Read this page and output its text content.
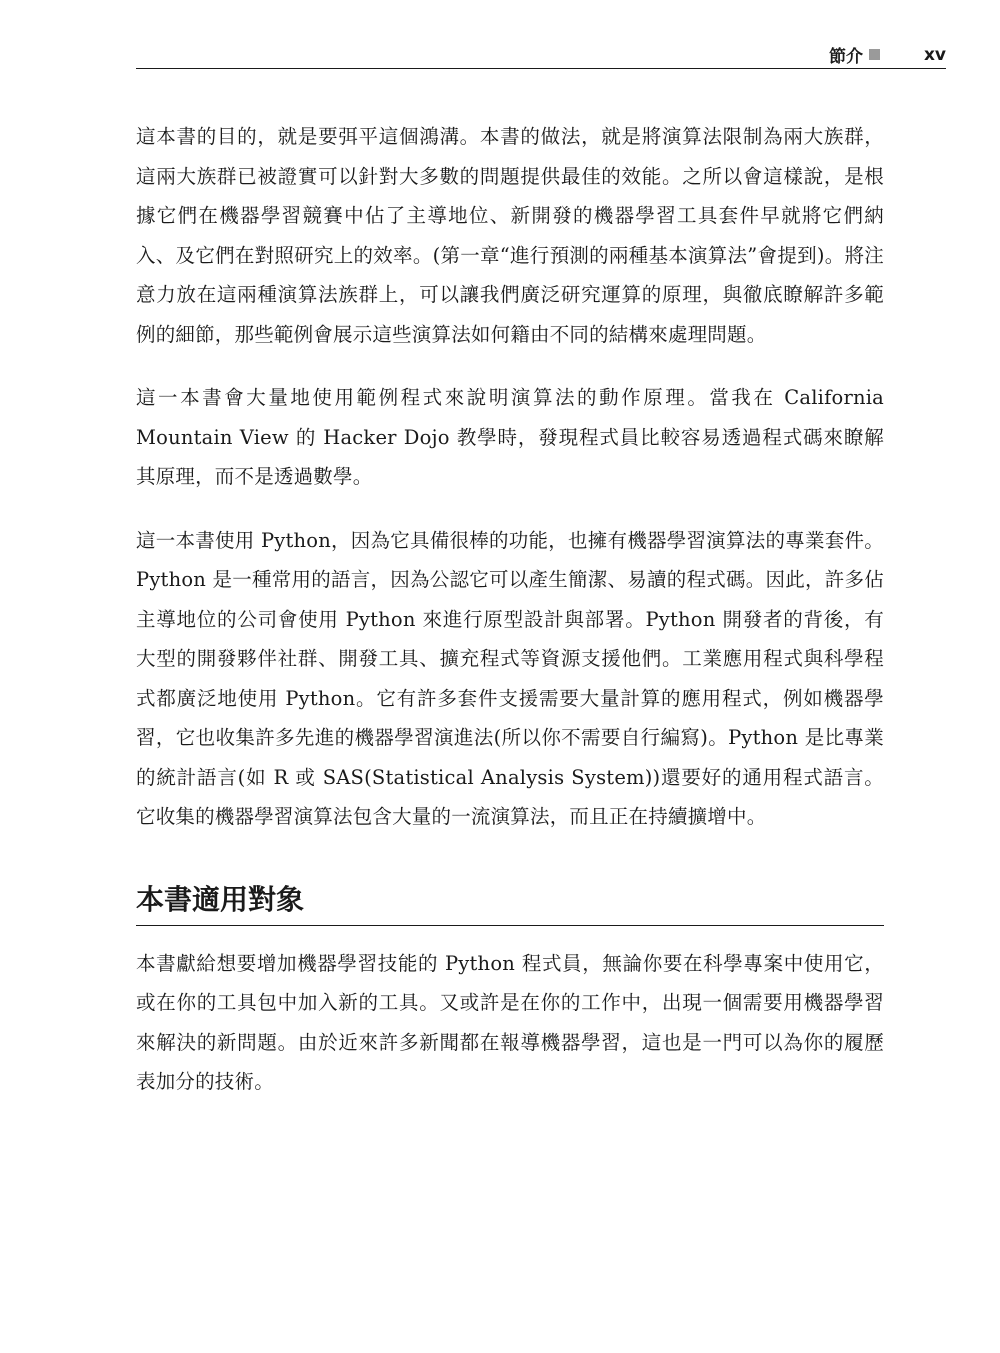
節介	xv

這本書的目的，就是要弭平這個鴻溝。本書的做法，就是將演算法限制為兩大族群，這兩大族群已被證實可以針對大多數的問題提供最佳的效能。之所以會這樣說，是根據它們在機器學習競賽中佔了主導地位、新開發的機器學習工具套件早就將它們納入、及它們在對照研究上的效率。(第一章“進行預測的兩種基本演算法”會提到)。將注意力放在這兩種演算法族群上，可以讓我們廣泛研究運算的原理，與徹底瞭解許多範例的細節，那些範例會展示這些演算法如何籍由不同的結構來處理問題。

這一本書會大量地使用範例程式來說明演算法的動作原理。當我在 California Mountain View 的 Hacker Dojo 教學時，發現程式員比較容易透過程式碼來瞭解其原理，而不是透過數學。

這一本書使用 Python，因為它具備很棒的功能，也擁有機器學習演算法的專業套件。Python 是一種常用的語言，因為公認它可以產生簡潔、易讀的程式碼。因此，許多佔主導地位的公司會使用 Python 來進行原型設計與部署。Python 開發者的背後，有大型的開發夥伴社群、開發工具、擴充程式等資源支援他們。工業應用程式與科學程式都廣泛地使用 Python。它有許多套件支援需要大量計算的應用程式，例如機器學習，它也收集許多先進的機器學習演進法(所以你不需要自行編寫)。Python 是比專業的統計語言(如 R 或 SAS(Statistical Analysis System))還要好的通用程式語言。它收集的機器學習演算法包含大量的一流演算法，而且正在持續擴增中。

本書適用對象

本書獻給想要增加機器學習技能的 Python 程式員，無論你要在科學專案中使用它，或在你的工具包中加入新的工具。又或許是在你的工作中，出現一個需要用機器學習來解決的新問題。由於近來許多新聞都在報導機器學習，這也是一門可以為你的履歷表加分的技術。
